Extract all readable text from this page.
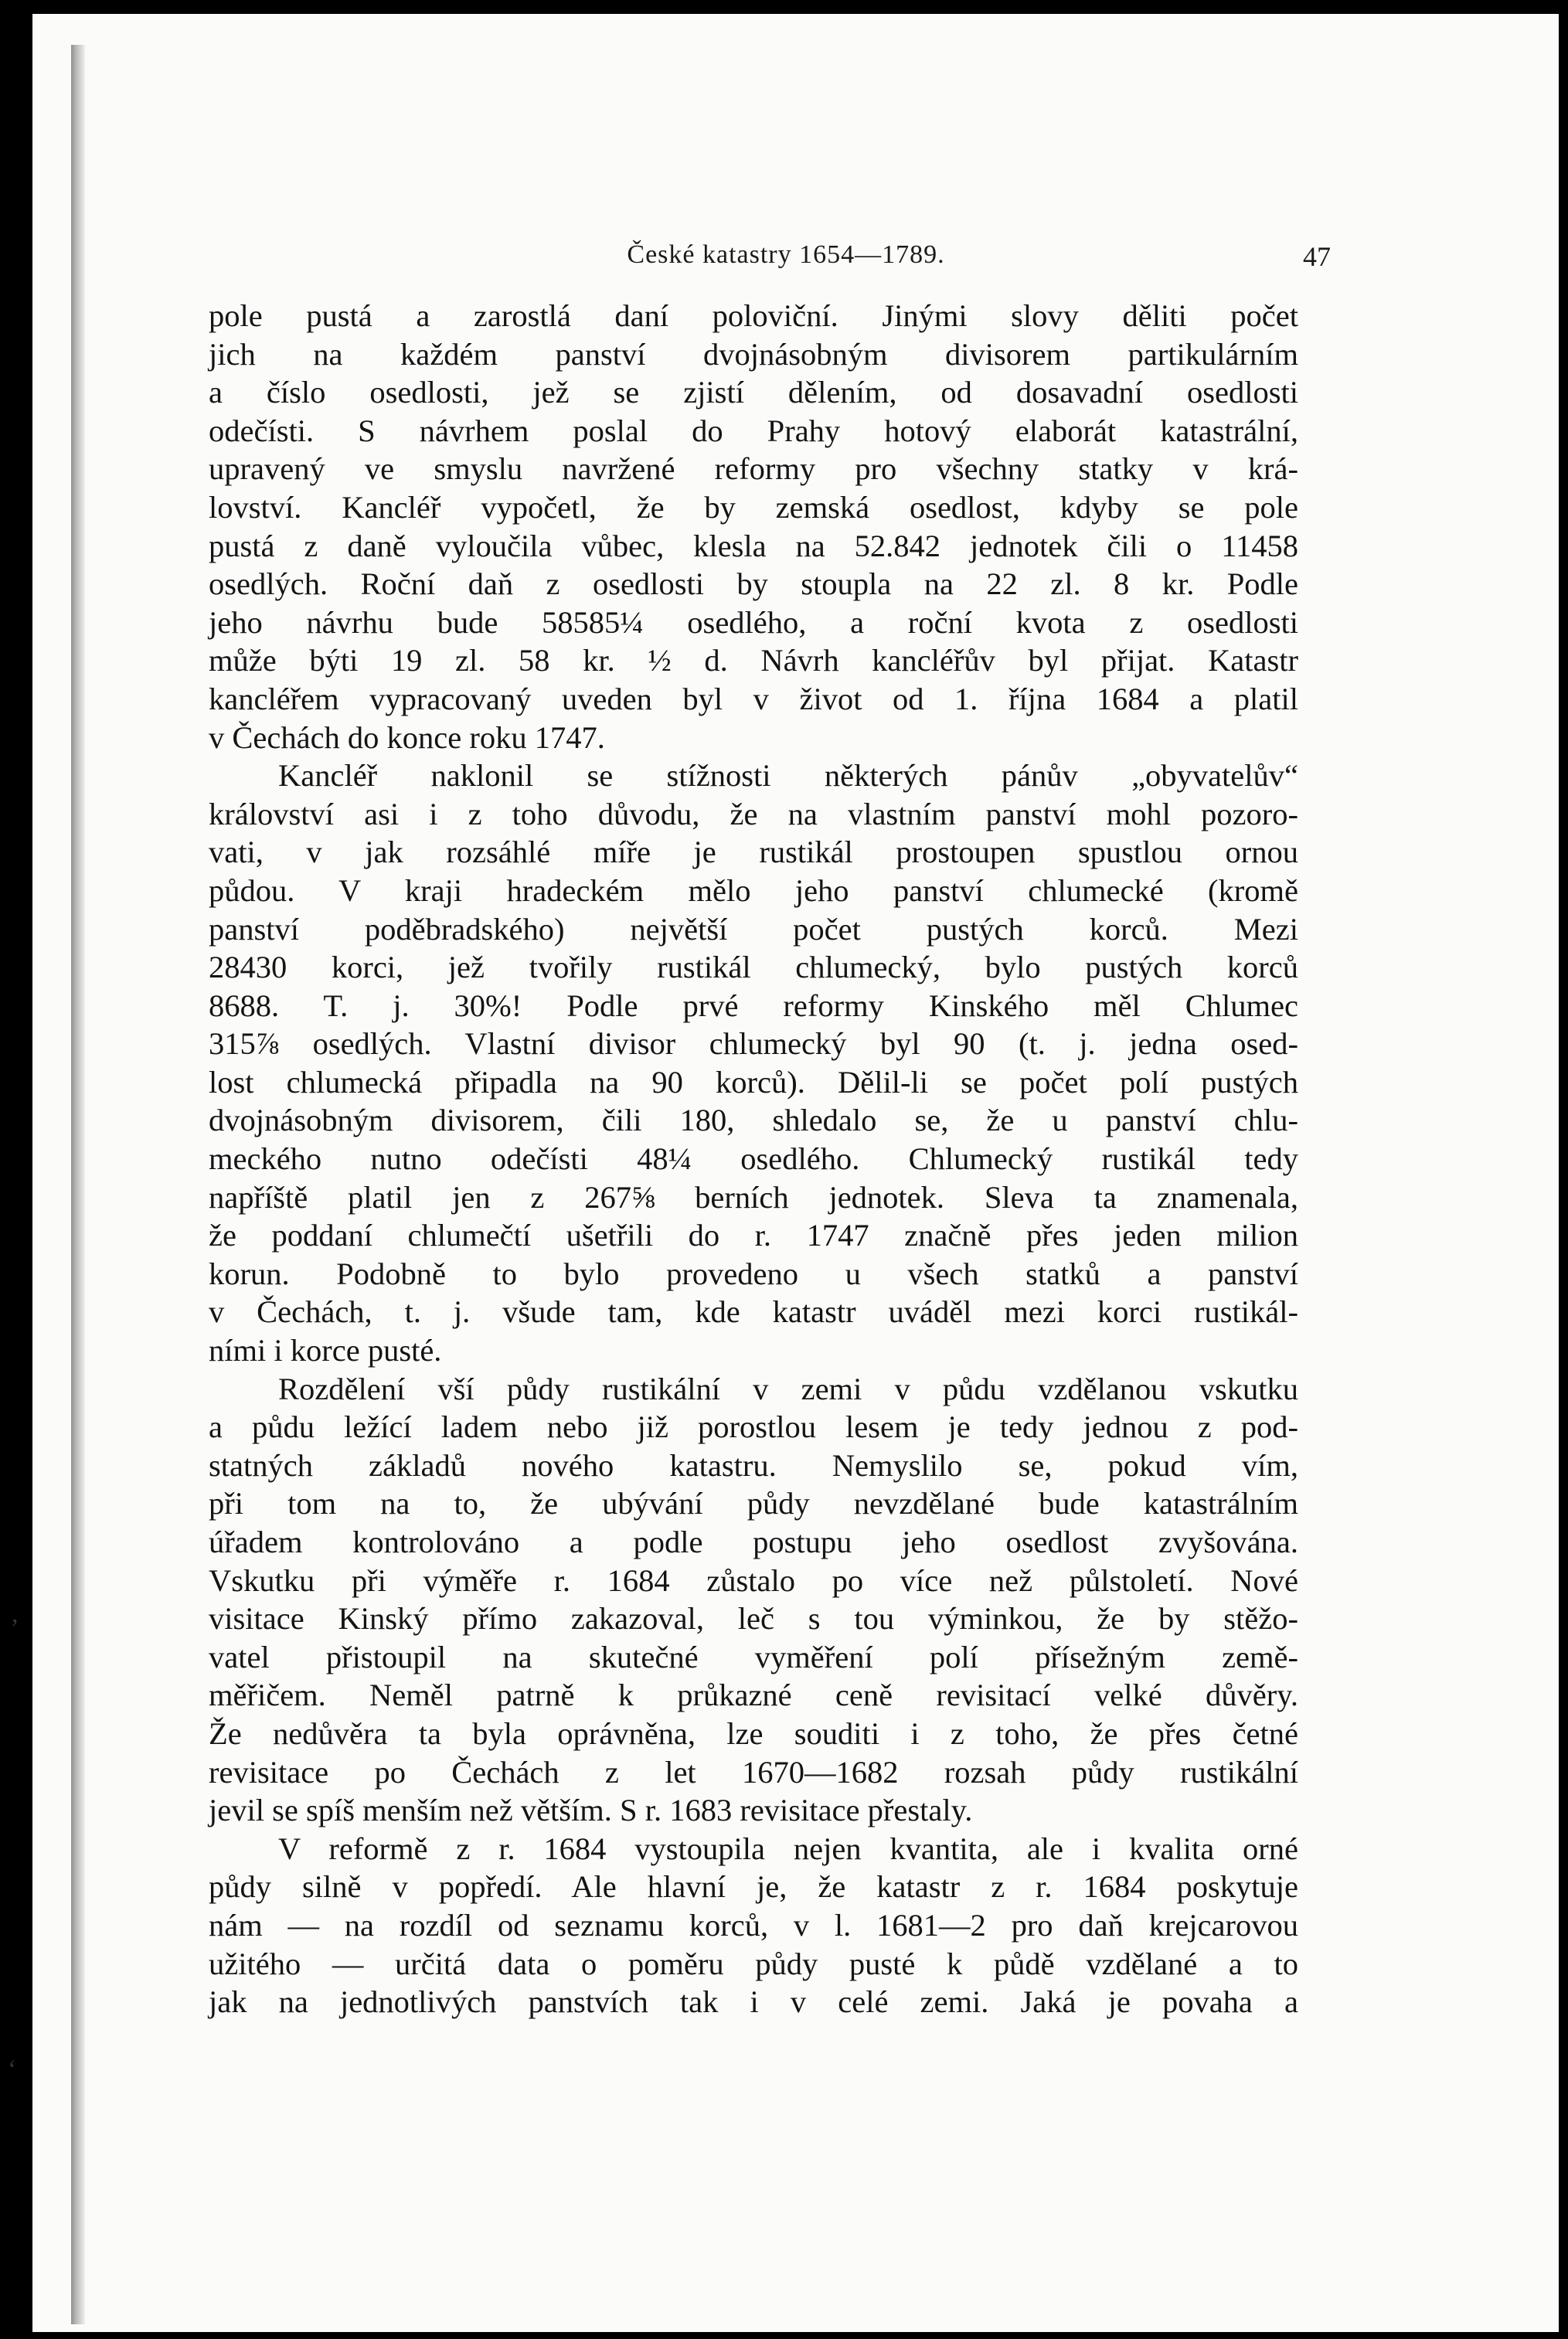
České katastry 1654—1789.	47
pole pustá a zarostlá daní poloviční. Jinými slovy děliti počet
jich na každém panství dvojnásobným divisorem partikulárním
a číslo osedlosti, jež se zjistí dělením, od dosavadní osedlosti
odečísti. S návrhem poslal do Prahy hotový elaborát katastrální,
upravený ve smyslu navržené reformy pro všechny statky v krá-
lovství. Kancléř vypočetl, že by zemská osedlost, kdyby se pole
pustá z daně vyloučila vůbec, klesla na 52.842 jednotek čili o 11458
osedlých. Roční daň z osedlosti by stoupla na 22 zl. 8 kr. Podle
jeho návrhu bude 58585¼ osedlého, a roční kvota z osedlosti
může býti 19 zl. 58 kr. ½ d. Návrh kancléřův byl přijat. Katastr
kancléřem vypracovaný uveden byl v život od 1. října 1684 a platil
v Čechách do konce roku 1747.
Kancléř naklonil se stížnosti některých pánův „obyvatelův“
království asi i z toho důvodu, že na vlastním panství mohl pozoro-
vati, v jak rozsáhlé míře je rustikál prostoupen spustlou ornou
půdou. V kraji hradeckém mělo jeho panství chlumecké (kromě
panství poděbradského) největší počet pustých korců. Mezi
28430 korci, jež tvořily rustikál chlumecký, bylo pustých korců
8688. T. j. 30%! Podle prvé reformy Kinského měl Chlumec
315⅞ osedlých. Vlastní divisor chlumecký byl 90 (t. j. jedna osed-
lost chlumecká připadla na 90 korců). Dělil-li se počet polí pustých
dvojnásobným divisorem, čili 180, shledalo se, že u panství chlu-
meckého nutno odečísti 48¼ osedlého. Chlumecký rustikál tedy
napříště platil jen z 267⅝ berních jednotek. Sleva ta znamenala,
že poddaní chlumečtí ušetřili do r. 1747 značně přes jeden milion
korun. Podobně to bylo provedeno u všech statků a panství
v Čechách, t. j. všude tam, kde katastr uváděl mezi korci rustikál-
ními i korce pusté.
Rozdělení vší půdy rustikální v zemi v půdu vzdělanou vskutku
a půdu ležící ladem nebo již porostlou lesem je tedy jednou z pod-
statných základů nového katastru. Nemyslilo se, pokud vím,
při tom na to, že ubývání půdy nevzdělané bude katastrálním
úřadem kontrolováno a podle postupu jeho osedlost zvyšována.
Vskutku při výměře r. 1684 zůstalo po více než půlstoletí. Nové
visitace Kinský přímo zakazoval, leč s tou výminkou, že by stěžo-
vatel přistoupil na skutečné vyměření polí přísežným země-
měřičem. Neměl patrně k průkazné ceně revisitací velké důvěry.
Že nedůvěra ta byla oprávněna, lze souditi i z toho, že přes četné
revisitace po Čechách z let 1670—1682 rozsah půdy rustikální
jevil se spíš menším než větším. S r. 1683 revisitace přestaly.
V reformě z r. 1684 vystoupila nejen kvantita, ale i kvalita orné
půdy silně v popředí. Ale hlavní je, že katastr z r. 1684 poskytuje
nám — na rozdíl od seznamu korců, v l. 1681—2 pro daň krejcarovou
užitého — určitá data o poměru půdy pusté k půdě vzdělané a to
jak na jednotlivých panstvích tak i v celé zemi. Jaká je povaha a
,
ʻ
